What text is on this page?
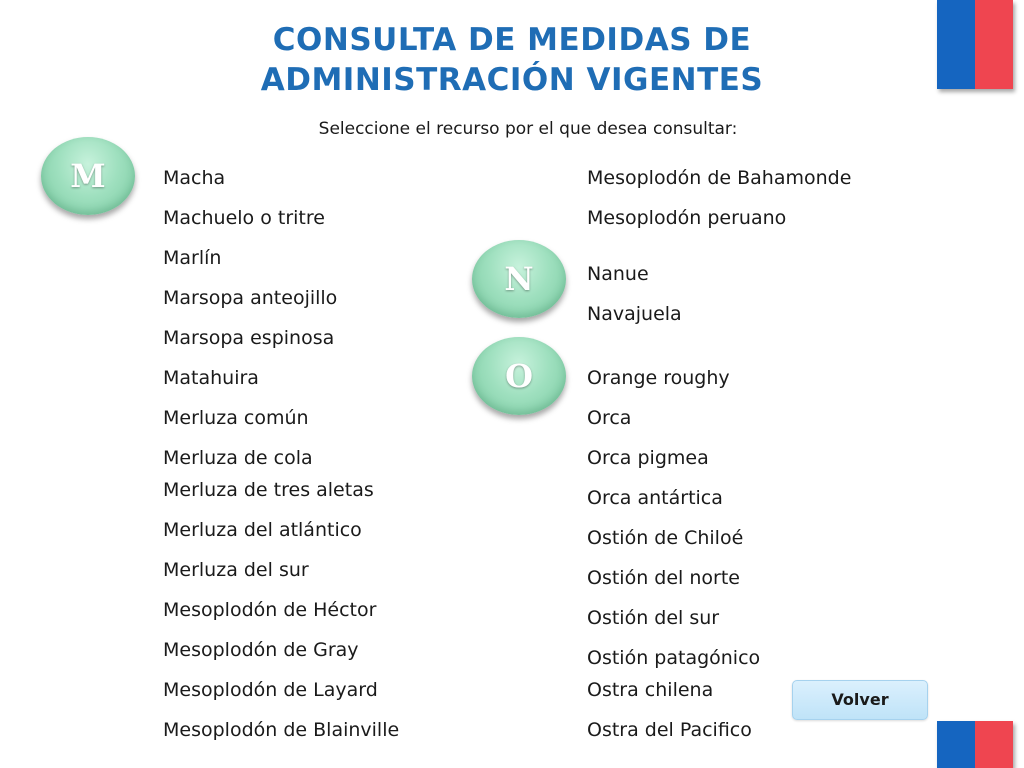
CONSULTA DE MEDIDAS DE
ADMINISTRACIÓN VIGENTES
Seleccione el recurso por el que desea consultar:
M
N
O
Macha
Machuelo o tritre
Marlín
Marsopa anteojillo
Marsopa espinosa
Matahuira
Merluza común
Merluza de cola
Merluza de tres aletas
Merluza del atlántico
Merluza del sur
Mesoplodón de Héctor
Mesoplodón de Gray
Mesoplodón de Layard
Mesoplodón de Blainville
Mesoplodón de Bahamonde
Mesoplodón peruano
Nanue
Navajuela
Orange roughy
Orca
Orca pigmea
Orca antártica
Ostión de Chiloé
Ostión del norte
Ostión del sur
Ostión patagónico
Ostra chilena
Ostra del Pacifico
Volver
